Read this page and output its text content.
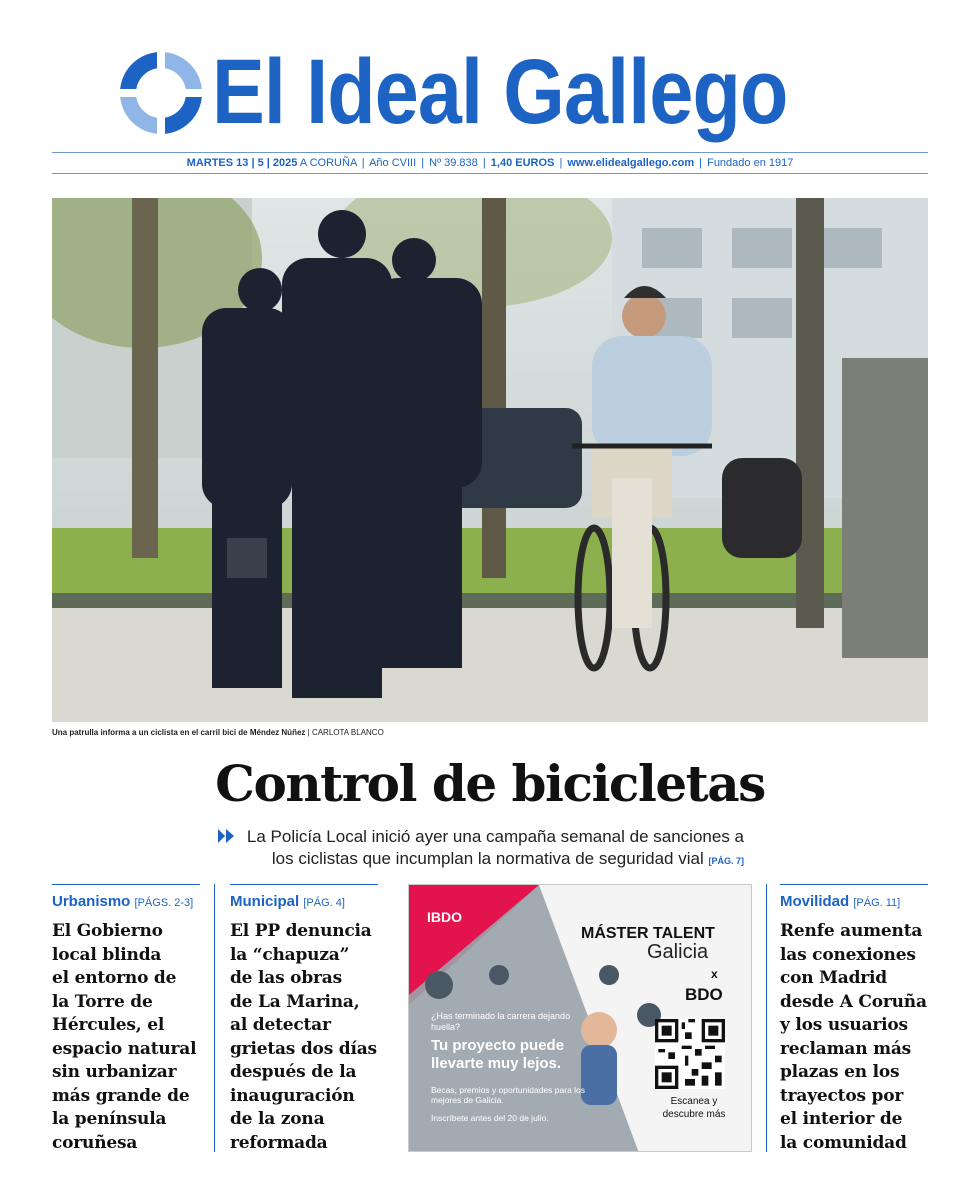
El Ideal Gallego
MARTES 13 | 5 | 2025 A CORUÑA | Año CVIII | Nº 39.838 | 1,40 EUROS | www.elidealgallego.com | Fundado en 1917
Una patrulla informa a un ciclista en el carril bici de Méndez Núñez | CARLOTA BLANCO
Control de bicicletas
La Policía Local inició ayer una campaña semanal de sanciones a
los ciclistas que incumplan la normativa de seguridad vial [PÁG. 7]
Urbanismo [PÁGS. 2-3]
El Gobierno
local blinda
el entorno de
la Torre de
Hércules, el
espacio natural
sin urbanizar
más grande de
la península
coruñesa
Municipal [PÁG. 4]
El PP denuncia
la “chapuza”
de las obras
de La Marina,
al detectar
grietas dos días
después de la
inauguración
de la zona
reformada
IBDO
MÁSTER TALENT
Galicia
x
BDO
¿Has terminado la carrera dejando huella?
Tu proyecto puede llevarte muy lejos.
Becas, premios y oportunidades para los mejores de Galicia.
Inscríbete antes del 20 de julio.
Escanea y descubre más
Movilidad [PÁG. 11]
Renfe aumenta
las conexiones
con Madrid
desde A Coruña
y los usuarios
reclaman más
plazas en los
trayectos por
el interior de
la comunidad
